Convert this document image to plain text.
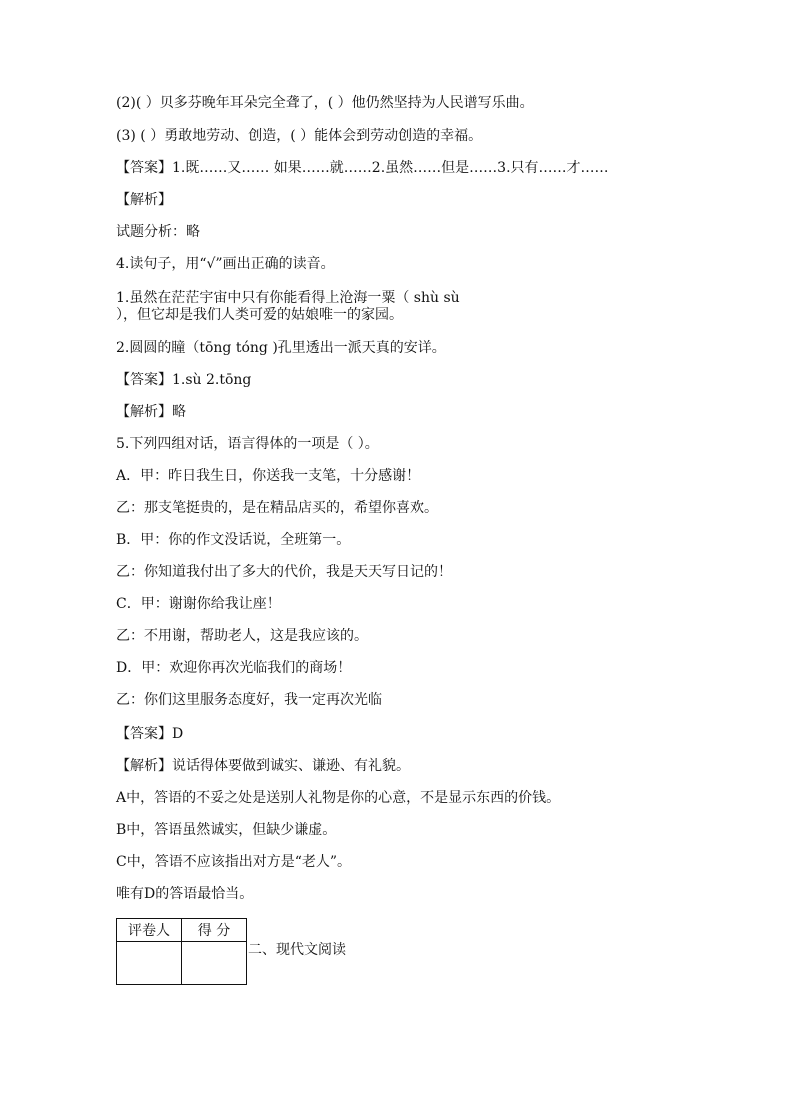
(2)( ）贝多芬晚年耳朵完全聋了，( ）他仍然坚持为人民谱写乐曲。
(3) ( ）勇敢地劳动、创造，( ）能体会到劳动创造的幸福。
【答案】1.既……又…… 如果……就……2.虽然……但是……3.只有……才……
【解析】
试题分析：略
4.读句子，用“√”画出正确的读音。
1.虽然在茫茫宇宙中只有你能看得上沧海一粟（ shù sù
），但它却是我们人类可爱的姑娘唯一的家园。
2.圆圆的瞳（tōng tóng )孔里透出一派天真的安详。
【答案】1.sù 2.tōng
【解析】略
5.下列四组对话，语言得体的一项是（ ）。
A．甲：昨日我生日，你送我一支笔，十分感谢！
乙：那支笔挺贵的，是在精品店买的，希望你喜欢。
B．甲：你的作文没话说，全班第一。
乙：你知道我付出了多大的代价，我是天天写日记的！
C．甲：谢谢你给我让座！
乙：不用谢，帮助老人，这是我应该的。
D．甲：欢迎你再次光临我们的商场！
乙：你们这里服务态度好，我一定再次光临
【答案】D
【解析】说话得体要做到诚实、谦逊、有礼貌。
A中，答语的不妥之处是送别人礼物是你的心意，不是显示东西的价钱。
B中，答语虽然诚实，但缺少谦虚。
C中，答语不应该指出对方是“老人”。
唯有D的答语最恰当。
评卷人	得 分

二、现代文阅读
